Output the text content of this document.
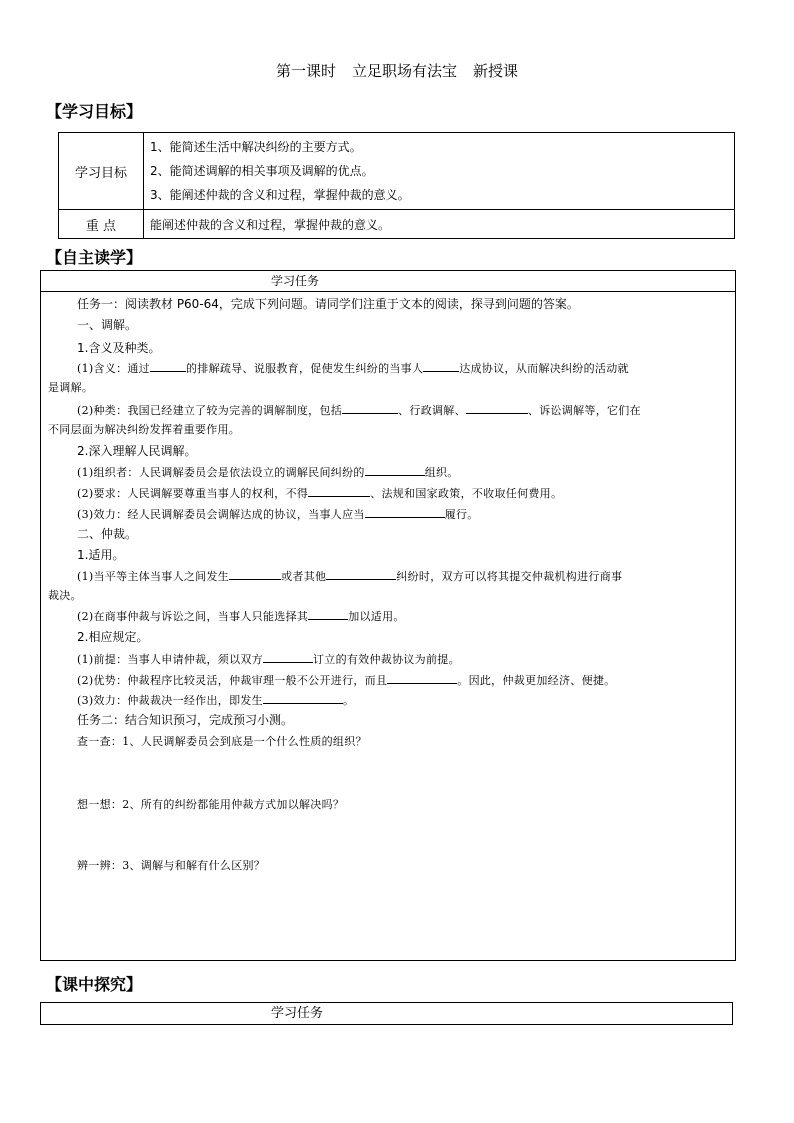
第一课时 立足职场有法宝 新授课
【学习目标】
学习目标	1、能简述生活中解决纠纷的主要方式。
2、能简述调解的相关事项及调解的优点。
3、能阐述仲裁的含义和过程，掌握仲裁的意义。

重 点	能阐述仲裁的含义和过程，掌握仲裁的意义。
【自主读学】
学习任务
任务一：阅读教材 P60-64，完成下列问题。请同学们注重于文本的阅读，探寻到问题的答案。
一、调解。
1.含义及种类。
(1)含义：通过	的排解疏导、说服教育，促使发生纠纷的当事人	达成协议，从而解决纠纷的活动就
是调解。
(2)种类：我国已经建立了较为完善的调解制度，包括	、行政调解、	、诉讼调解等，它们在
不同层面为解决纠纷发挥着重要作用。
2.深入理解人民调解。
(1)组织者：人民调解委员会是依法设立的调解民间纠纷的	组织。
(2)要求：人民调解要尊重当事人的权利，不得	、法规和国家政策，不收取任何费用。
(3)效力：经人民调解委员会调解达成的协议，当事人应当	履行。
二、仲裁。
1.适用。
(1)当平等主体当事人之间发生	或者其他	纠纷时，双方可以将其提交仲裁机构进行商事
裁决。
(2)在商事仲裁与诉讼之间，当事人只能选择其	加以适用。
2.相应规定。
(1)前提：当事人申请仲裁，须以双方	订立的有效仲裁协议为前提。
(2)优势：仲裁程序比较灵活，仲裁审理一般不公开进行，而且	。因此，仲裁更加经济、便捷。
(3)效力：仲裁裁决一经作出，即发生	。
任务二：结合知识预习，完成预习小测。
查一查：1、人民调解委员会到底是一个什么性质的组织？
想一想：2、所有的纠纷都能用仲裁方式加以解决吗？
辨一辨：3、调解与和解有什么区别？
【课中探究】
学习任务
